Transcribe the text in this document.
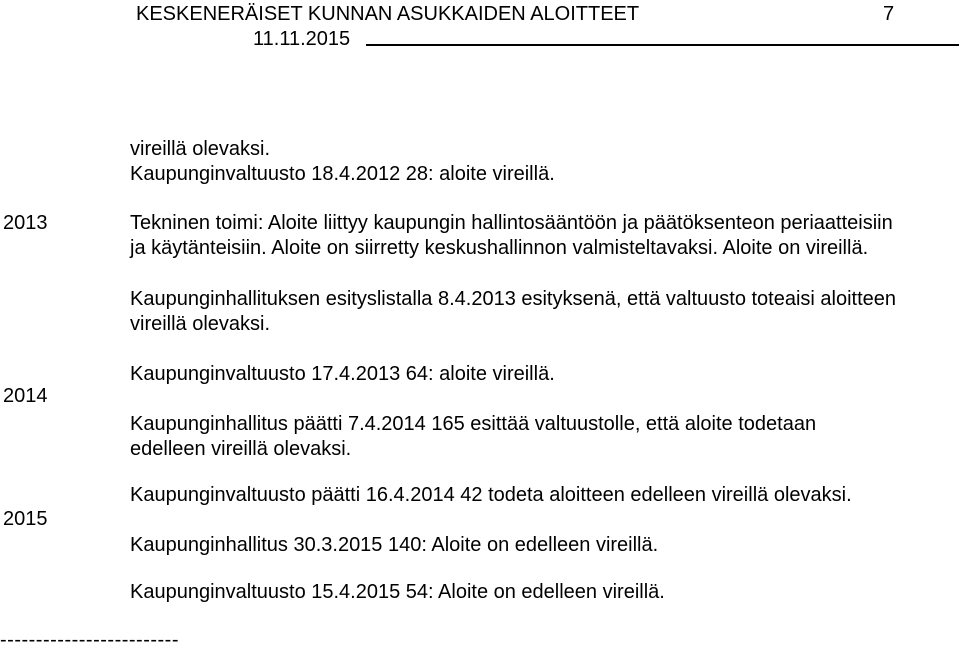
KESKENERÄISET KUNNAN ASUKKAIDEN ALOITTEET	7
11.11.2015
2013
2014
2015
vireillä olevaksi.
Kaupunginvaltuusto 18.4.2012 28: aloite vireillä.
Tekninen toimi: Aloite liittyy kaupungin hallintosääntöön ja päätöksenteon periaatteisiin
ja käytänteisiin. Aloite on siirretty keskushallinnon valmisteltavaksi. Aloite on vireillä.
Kaupunginhallituksen esityslistalla 8.4.2013 esityksenä, että valtuusto toteaisi aloitteen
vireillä olevaksi.
Kaupunginvaltuusto 17.4.2013 64: aloite vireillä.
Kaupunginhallitus päätti 7.4.2014 165 esittää valtuustolle, että aloite todetaan
edelleen vireillä olevaksi.
Kaupunginvaltuusto päätti 16.4.2014 42 todeta aloitteen edelleen vireillä olevaksi.
Kaupunginhallitus 30.3.2015 140: Aloite on edelleen vireillä.
Kaupunginvaltuusto 15.4.2015 54: Aloite on edelleen vireillä.
-------------------------
